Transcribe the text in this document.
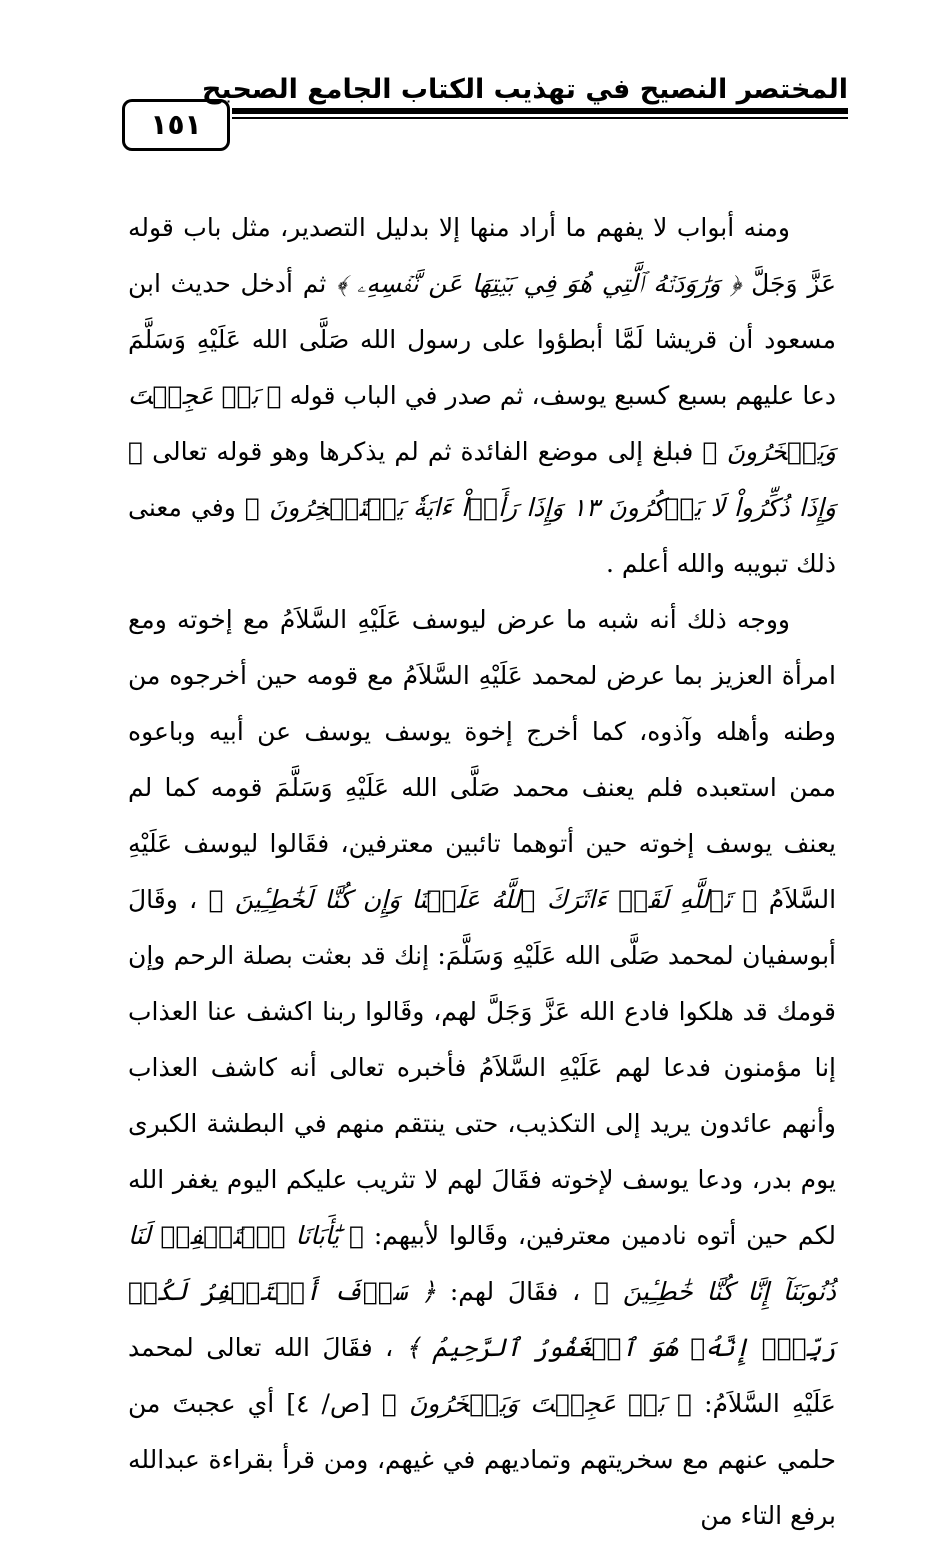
المختصر النصيح في تهذيب الكتاب الجامع الصحيح
١٥١

ومنه أبواب لا يفهم ما أراد منها إلا بدليل التصدير، مثل باب قوله عَزَّ وَجَلَّ ﴿ وَرَٰوَدَتۡهُ ٱلَّتِي هُوَ فِي بَيۡتِهَا عَن نَّفۡسِهِۦ ﴾ ثم أدخل حديث ابن مسعود أن قريشا لَمَّا أبطؤوا على رسول الله صَلَّى الله عَلَيْهِ وَسَلَّمَ دعا عليهم بسبع كسبع يوسف، ثم صدر في الباب قوله ﴿ بَلۡ عَجِبۡتَ وَيَسۡخَرُونَ ﴾ فبلغ إلى موضع الفائدة ثم لم يذكرها وهو قوله تعالى ﴿ وَإِذَا ذُكِّرُواْ لَا يَذۡكُرُونَ ١٣ وَإِذَا رَأَوۡاْ ءَايَةٗ يَسۡتَسۡخِرُونَ ﴾ وفي معنى ذلك تبويبه والله أعلم .

ووجه ذلك أنه شبه ما عرض ليوسف عَلَيْهِ السَّلاَمُ مع إخوته ومع امرأة العزيز بما عرض لمحمد عَلَيْهِ السَّلاَمُ مع قومه حين أخرجوه من وطنه وأهله وآذوه، كما أخرج إخوة يوسف يوسف عن أبيه وباعوه ممن استعبده فلم يعنف محمد صَلَّى الله عَلَيْهِ وَسَلَّمَ قومه كما لم يعنف يوسف إخوته حين أتوهما تائبين معترفين، فقَالوا ليوسف عَلَيْهِ السَّلاَمُ ﴿ تَٱللَّهِ لَقَدۡ ءَاثَرَكَ ٱللَّهُ عَلَيۡنَا وَإِن كُنَّا لَخَٰطِـِٔينَ ﴾ ، وقَالَ أبوسفيان لمحمد صَلَّى الله عَلَيْهِ وَسَلَّمَ: إنك قد بعثت بصلة الرحم وإن قومك قد هلكوا فادع الله عَزَّ وَجَلَّ لهم، وقَالوا ربنا اكشف عنا العذاب إنا مؤمنون فدعا لهم عَلَيْهِ السَّلاَمُ فأخبره تعالى أنه كاشف العذاب وأنهم عائدون يريد إلى التكذيب، حتى ينتقم منهم في البطشة الكبرى يوم بدر، ودعا يوسف لإخوته فقَالَ لهم لا تثريب عليكم اليوم يغفر الله لكم حين أتوه نادمين معترفين، وقَالوا لأبيهم: ﴿ يَٰٓأَبَانَا ٱسۡتَغۡفِرۡ لَنَا ذُنُوبَنَآ إِنَّا كُنَّا خَٰطِـِٔينَ ﴾ ، فقَالَ لهم: ﴿ سَوۡفَ أَسۡتَغۡفِرُ لَكُمۡ رَبِّيٓۖ إِنَّهُۥ هُوَ ٱلۡغَفُورُ ٱلرَّحِيمُ ﴾ ، فقَالَ الله تعالى لمحمد عَلَيْهِ السَّلاَمُ: ﴿ بَلۡ عَجِبۡتَ وَيَسۡخَرُونَ ﴾ [ص/ ٤] أي عجبتَ من حلمي عنهم مع سخريتهم وتماديهم في غيهم، ومن قرأ بقراءة عبدالله برفع التاء من
